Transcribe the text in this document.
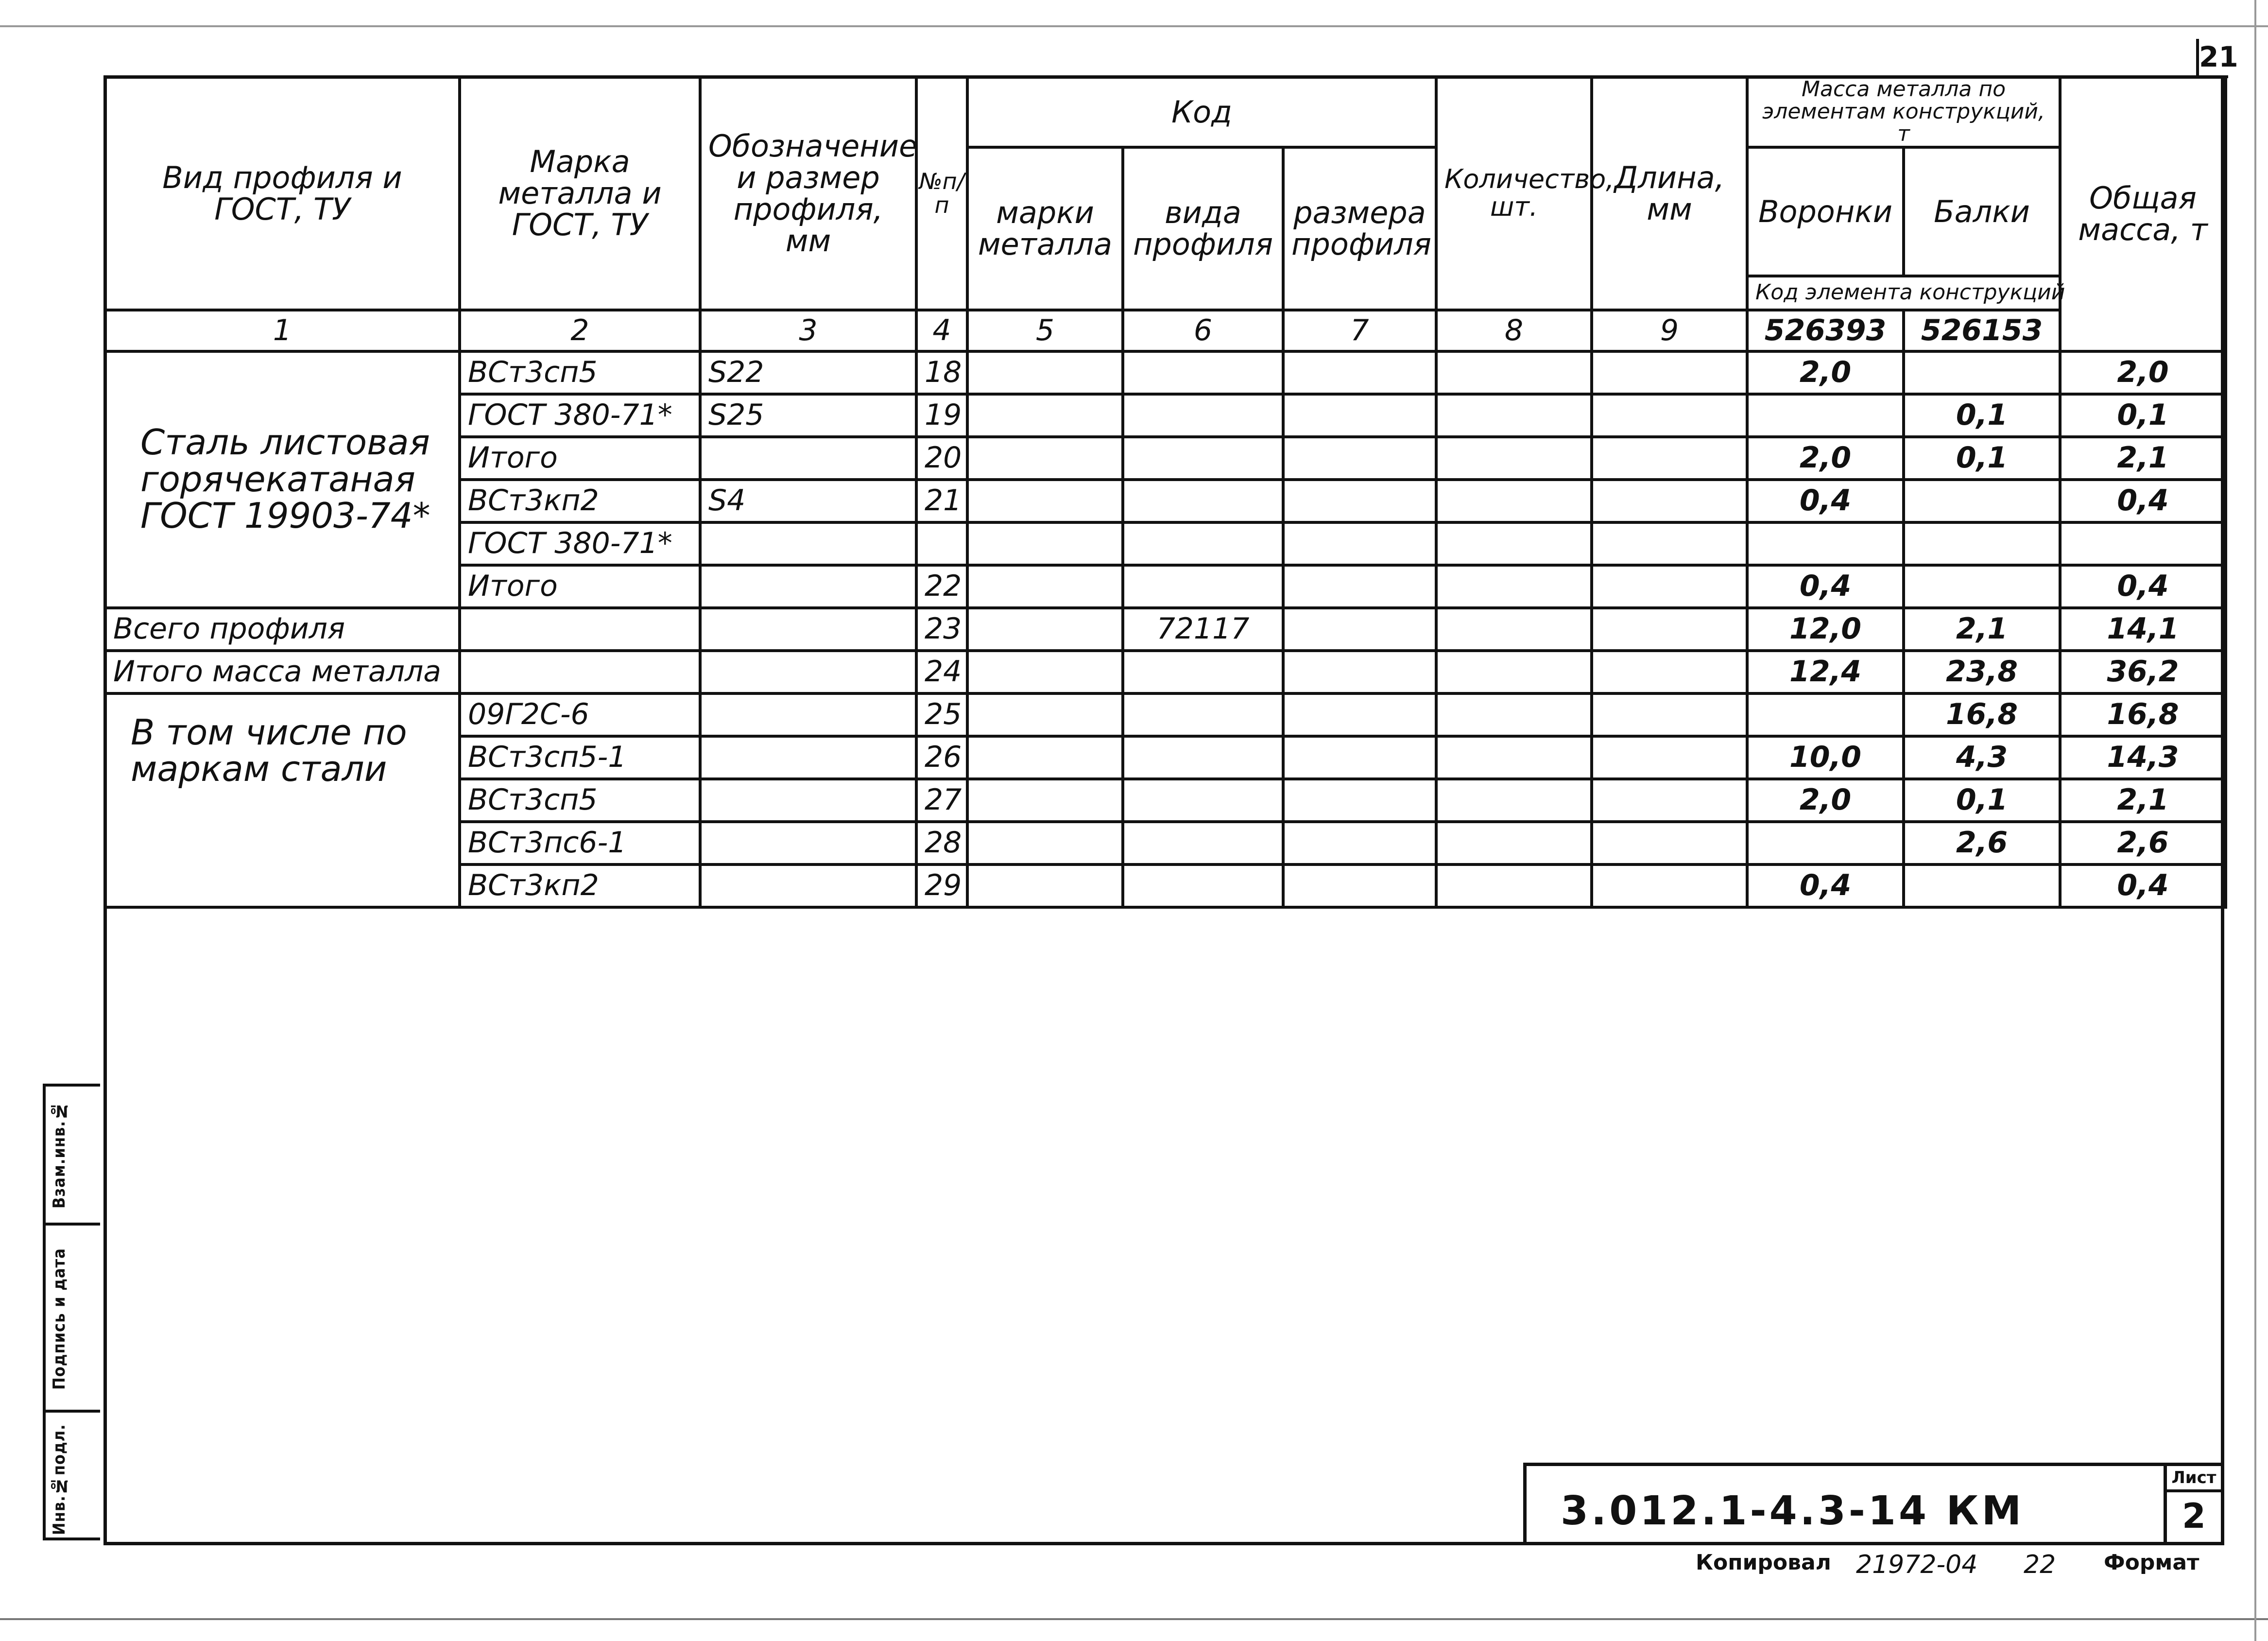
21
Вид профиля и ГОСТ, ТУ	Марка металла и ГОСТ, ТУ	Обозначение и размер профиля, мм	№п/п	Код			Количество, шт.	Длина, мм	Масса металла по элементам конструкций, т		Общая масса, т
				марки металла	вида профиля	размера профиля			Воронки	Балки	
									Код элемента конструкций		
1	2	3	4	5	6	7	8	9	526393	526153	
Сталь листовая горячекатаная ГОСТ 19903-74*	ВСт3сп5	S22	18						2,0		2,0
	ГОСТ 380-71*	S25	19							0,1	0,1
	Итого		20						2,0	0,1	2,1
	ВСт3кп2	S4	21						0,4		0,4
	ГОСТ 380-71*										
	Итого		22						0,4		0,4
Всего профиля			23		72117				12,0	2,1	14,1
Итого масса металла			24						12,4	23,8	36,2
В том числе по маркам стали	09Г2С-6		25							16,8	16,8
	ВСт3сп5-1		26						10,0	4,3	14,3
	ВСт3сп5		27						2,0	0,1	2,1
	ВСт3пс6-1		28							2,6	2,6
	ВСт3кп2		29						0,4		0,4
Взам.инв.№
Подпись и дата
Инв.№подл.	3.012.1-4.3-14 КМ
Лист
2
Копировал 21972-04 22 Формат
